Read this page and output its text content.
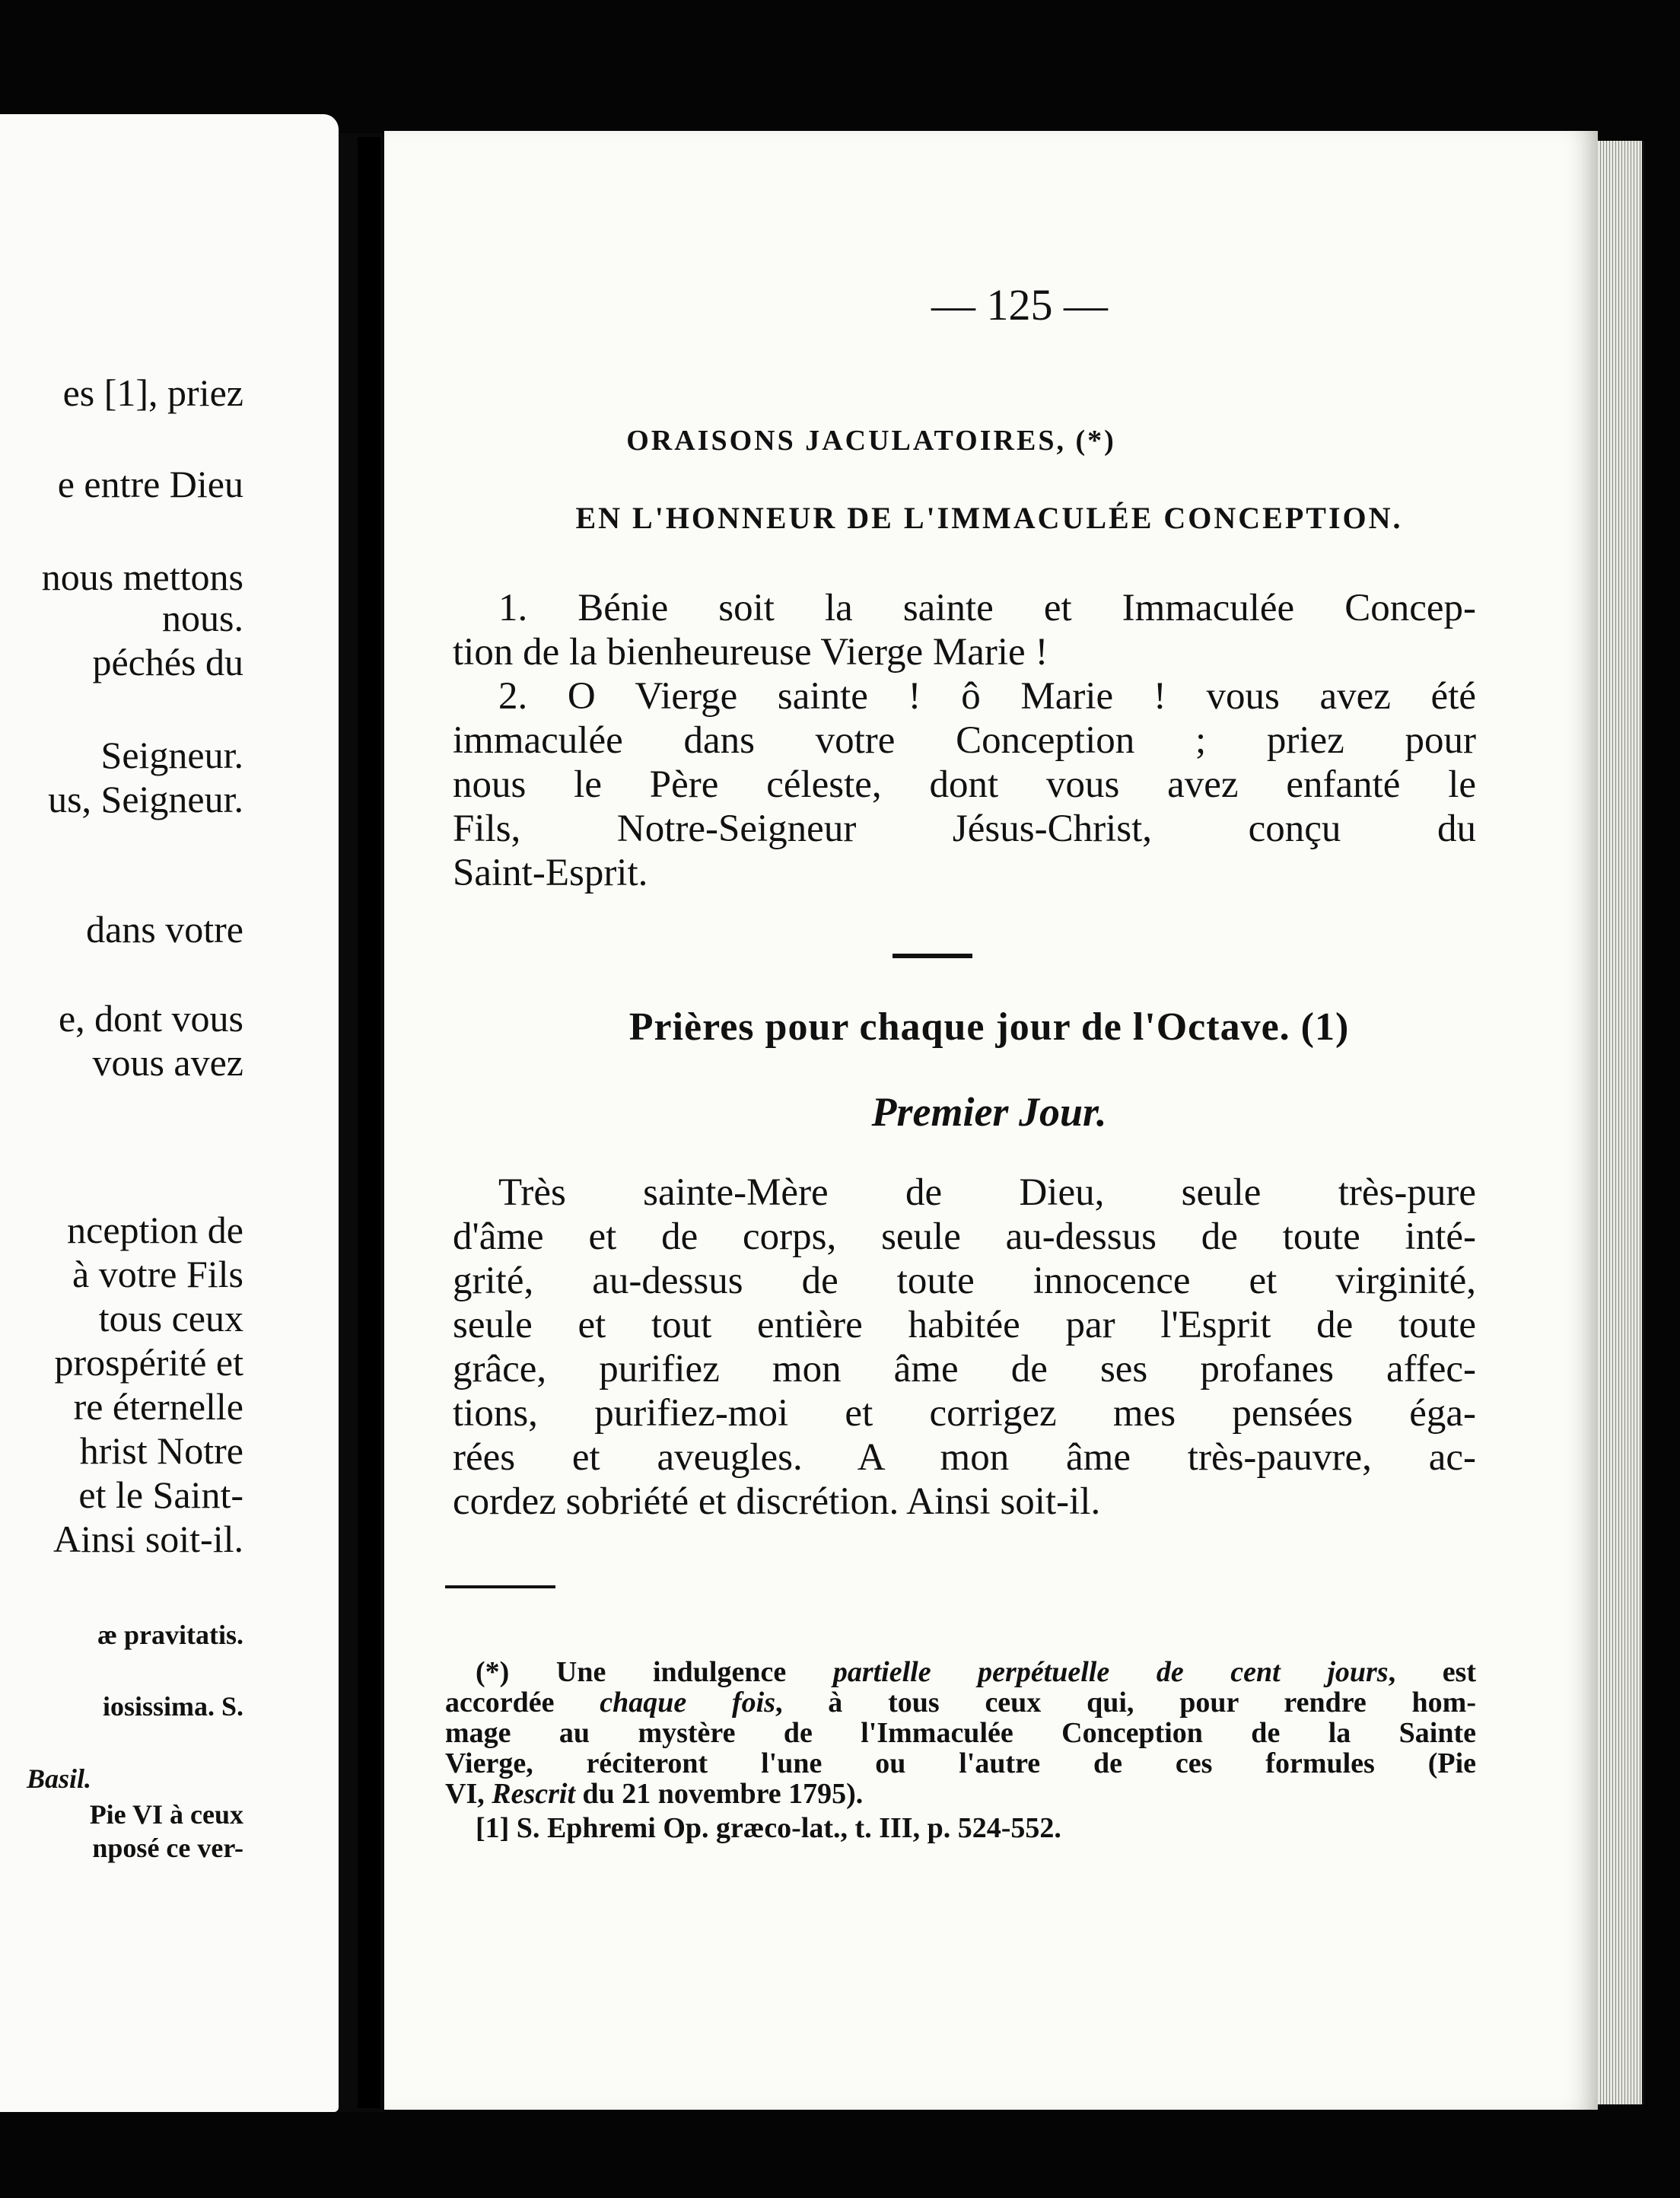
es [1], priez
e entre Dieu
nous mettons
nous.
péchés du
Seigneur.
us, Seigneur.
dans votre
e, dont vous
vous avez
nception de
à votre Fils
tous ceux
prospérité et
re éternelle
hrist Notre
et le Saint-
Ainsi soit-il.
æ pravitatis.
iosissima. S.
Basil.
Pie VI à ceux
nposé ce ver-
— 125 —
ORAISONS JACULATOIRES, (*)
EN L'HONNEUR DE L'IMMACULÉE CONCEPTION.
1. Bénie soit la sainte et Immaculée Concep-
tion de la bienheureuse Vierge Marie !
2. O Vierge sainte ! ô Marie ! vous avez été
immaculée dans votre Conception ; priez pour
nous le Père céleste, dont vous avez enfanté le
Fils, Notre-Seigneur Jésus-Christ, conçu du
Saint-Esprit.
Prières pour chaque jour de l'Octave. (1)
Premier Jour.
Très sainte-Mère de Dieu, seule très-pure
d'âme et de corps, seule au-dessus de toute inté-
grité, au-dessus de toute innocence et virginité,
seule et tout entière habitée par l'Esprit de toute
grâce, purifiez mon âme de ses profanes affec-
tions, purifiez-moi et corrigez mes pensées éga-
rées et aveugles. A mon âme très-pauvre, ac-
cordez sobriété et discrétion. Ainsi soit-il.
(*) Une indulgence partielle perpétuelle de cent jours, est
accordée chaque fois, à tous ceux qui, pour rendre hom-
mage au mystère de l'Immaculée Conception de la Sainte
Vierge, réciteront l'une ou l'autre de ces formules (Pie
VI, Rescrit du 21 novembre 1795).
[1] S. Ephremi Op. græco-lat., t. III, p. 524-552.
